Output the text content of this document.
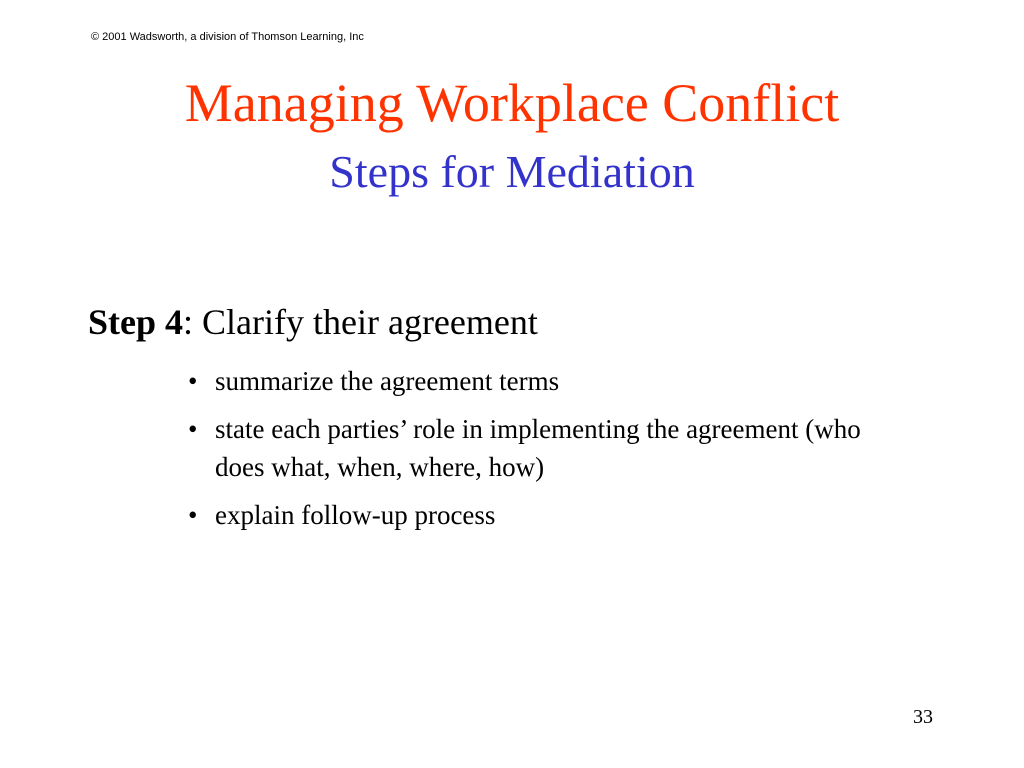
© 2001 Wadsworth, a division of Thomson Learning, Inc
Managing Workplace Conflict
Steps for Mediation
Step 4: Clarify their agreement
• summarize the agreement terms
• state each parties’ role in implementing the agreement (who does what, when, where, how)
• explain follow-up process
33
